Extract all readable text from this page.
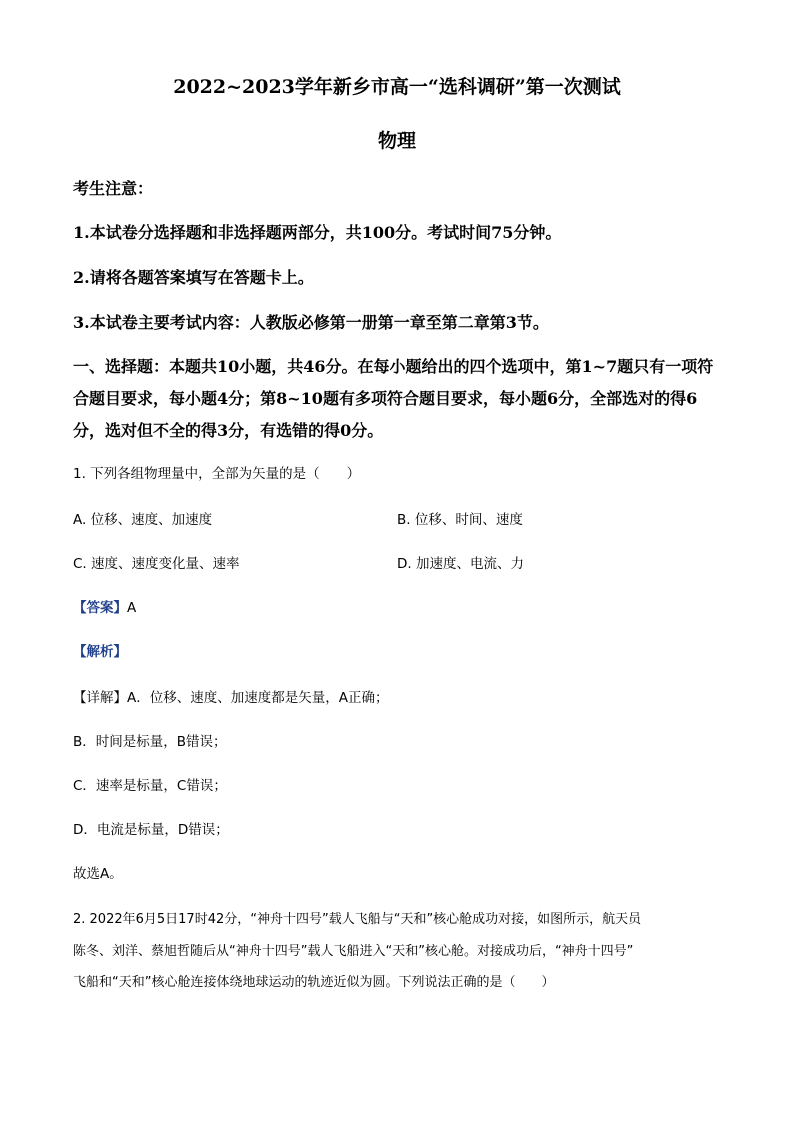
2022~2023学年新乡市高一“选科调研”第一次测试
物理
考生注意：
1.本试卷分选择题和非选择题两部分，共100分。考试时间75分钟。
2.请将各题答案填写在答题卡上。
3.本试卷主要考试内容：人教版必修第一册第一章至第二章第3节。
一、选择题：本题共10小题，共46分。在每小题给出的四个选项中，第1~7题只有一项符
合题目要求，每小题4分；第8~10题有多项符合题目要求，每小题6分，全部选对的得6
分，选对但不全的得3分，有选错的得0分。
1. 下列各组物理量中，全部为矢量的是（　　）
A. 位移、速度、加速度	B. 位移、时间、速度
C. 速度、速度变化量、速率	D. 加速度、电流、力
【答案】A
【解析】
【详解】A．位移、速度、加速度都是矢量，A正确；
B．时间是标量，B错误；
C．速率是标量，C错误；
D．电流是标量，D错误；
故选A。
2. 2022年6月5日17时42分，“神舟十四号”载人飞船与“天和”核心舱成功对接，如图所示，航天员
陈冬、刘洋、蔡旭哲随后从“神舟十四号”载人飞船进入“天和”核心舱。对接成功后，“神舟十四号”
飞船和“天和”核心舱连接体绕地球运动的轨迹近似为圆。下列说法正确的是（　　）
